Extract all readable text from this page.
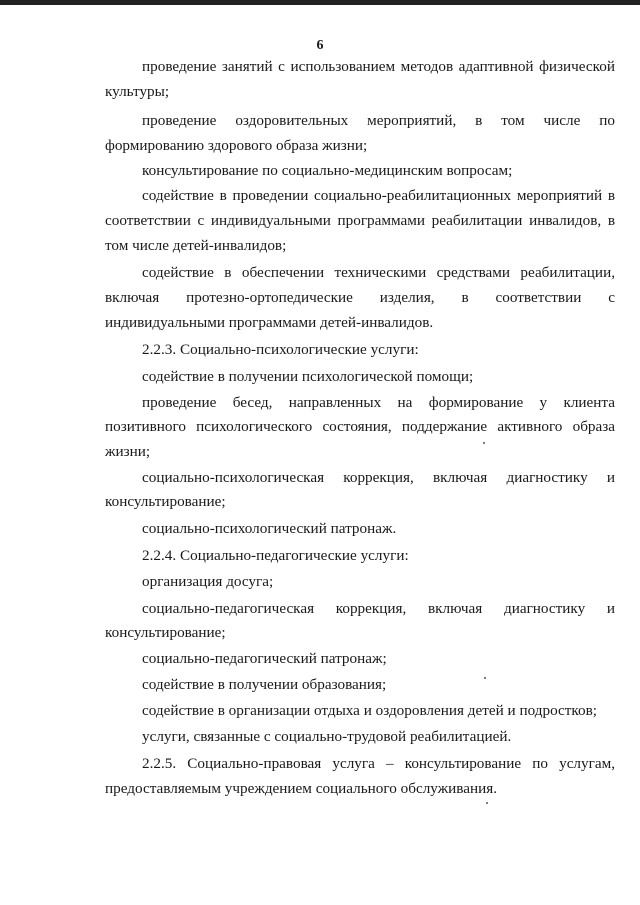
6
проведение занятий с использованием методов адаптивной физической
культуры;
проведение оздоровительных мероприятий, в том числе по
формированию здорового образа жизни;
консультирование по социально-медицинским вопросам;
содействие в проведении социально-реабилитационных мероприятий в
соответствии с индивидуальными программами реабилитации инвалидов, в
том числе детей-инвалидов;
содействие в обеспечении техническими средствами реабилитации,
включая протезно-ортопедические изделия, в соответствии с
индивидуальными программами детей-инвалидов.
2.2.3. Социально-психологические услуги:
содействие в получении психологической помощи;
проведение бесед, направленных на формирование у клиента
позитивного психологического состояния, поддержание активного образа
жизни;
социально-психологическая коррекция, включая диагностику и
консультирование;
социально-психологический патронаж.
2.2.4. Социально-педагогические услуги:
организация досуга;
социально-педагогическая коррекция, включая диагностику и
консультирование;
социально-педагогический патронаж;
содействие в получении образования;
содействие в организации отдыха и оздоровления детей и подростков;
услуги, связанные с социально-трудовой реабилитацией.
2.2.5. Социально-правовая услуга – консультирование по услугам,
предоставляемым учреждением социального обслуживания.
